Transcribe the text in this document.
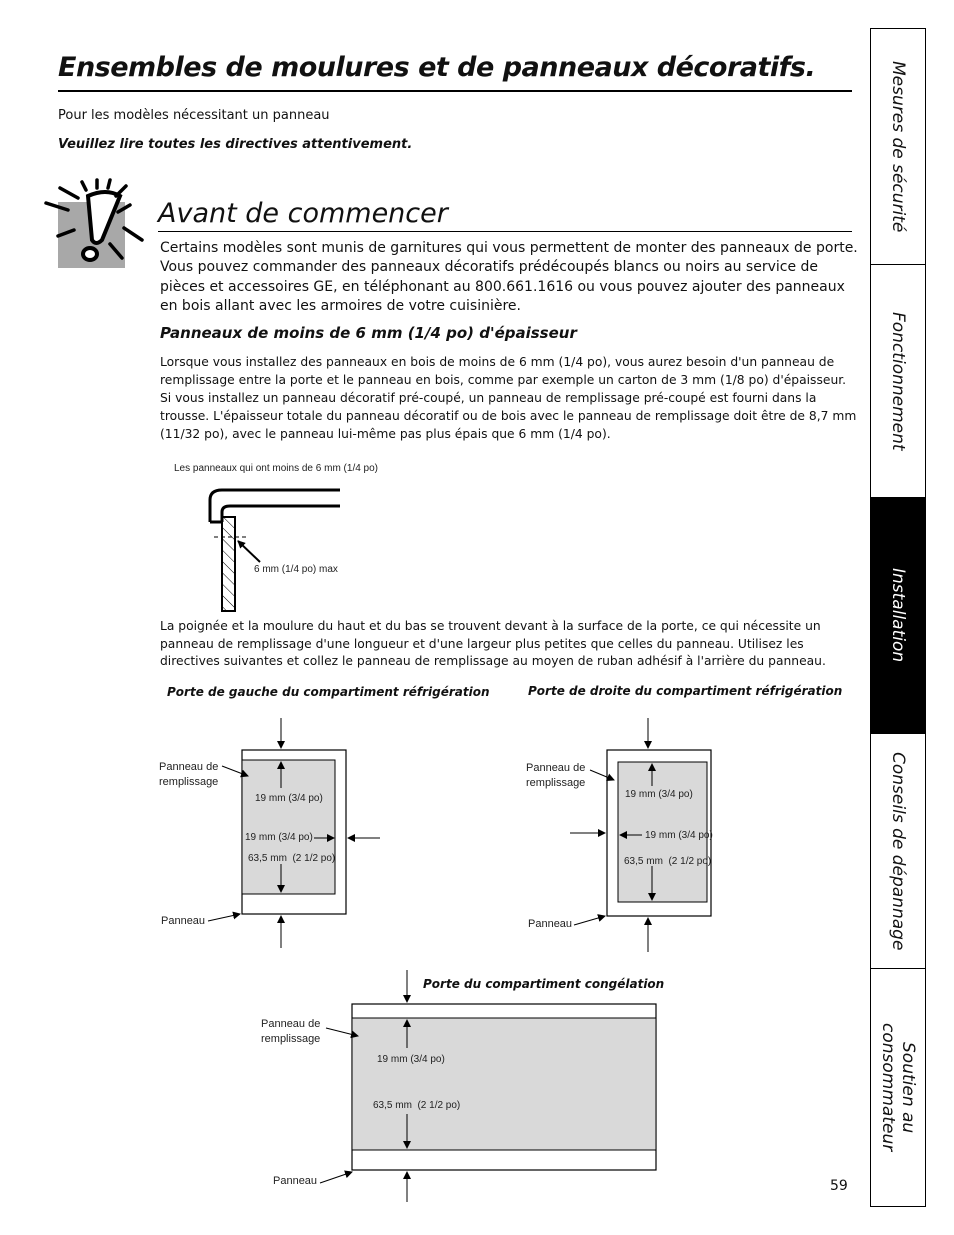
Ensembles de moulures et de panneaux décoratifs.
Pour les modèles nécessitant un panneau
Veuillez lire toutes les directives attentivement.
Avant de commencer
Certains modèles sont munis de garnitures qui vous permettent de monter des panneaux de porte. Vous pouvez commander des panneaux décoratifs prédécoupés blancs ou noirs au service de pièces et accessoires GE, en téléphonant au 800.661.1616 ou vous pouvez ajouter des panneaux en bois allant avec les armoires de votre cuisinière.
Panneaux de moins de 6 mm (1/4 po) d'épaisseur
Lorsque vous installez des panneaux en bois de moins de 6 mm (1/4 po), vous aurez besoin d'un panneau de remplissage entre la porte et le panneau en bois, comme par exemple un carton de 3 mm (1/8 po) d'épaisseur. Si vous installez un panneau décoratif pré-coupé, un panneau de remplissage pré-coupé est fourni dans la trousse. L'épaisseur totale du panneau décoratif ou de bois avec le panneau de remplissage doit être de 8,7 mm (11/32 po), avec le panneau lui-même pas plus épais que 6 mm (1/4 po).
Les panneaux qui ont moins de 6 mm (1/4 po)
6 mm (1/4 po) max
La poignée et la moulure du haut et du bas se trouvent devant à la surface de la porte, ce qui nécessite un panneau de remplissage d'une longueur et d'une largeur plus petites que celles du panneau. Utilisez les directives suivantes et collez le panneau de remplissage au moyen de ruban adhésif à l'arrière du panneau.
Porte de gauche du compartiment réfrigération
Panneau de
remplissage
Panneau
19 mm (3/4 po)
19 mm (3/4 po)
63,5 mm  (2 1/2 po)
Porte de droite du compartiment réfrigération
Panneau de
remplissage
Panneau
19 mm (3/4 po)
19 mm (3/4 po)
63,5 mm  (2 1/2 po)
Porte du compartiment congélation
Panneau de
remplissage
Panneau
19 mm (3/4 po)
63,5 mm  (2 1/2 po)
59
Mesures de sécurité
Fonctionnement
Installation
Conseils de dépannage
Soutien au consommateur
